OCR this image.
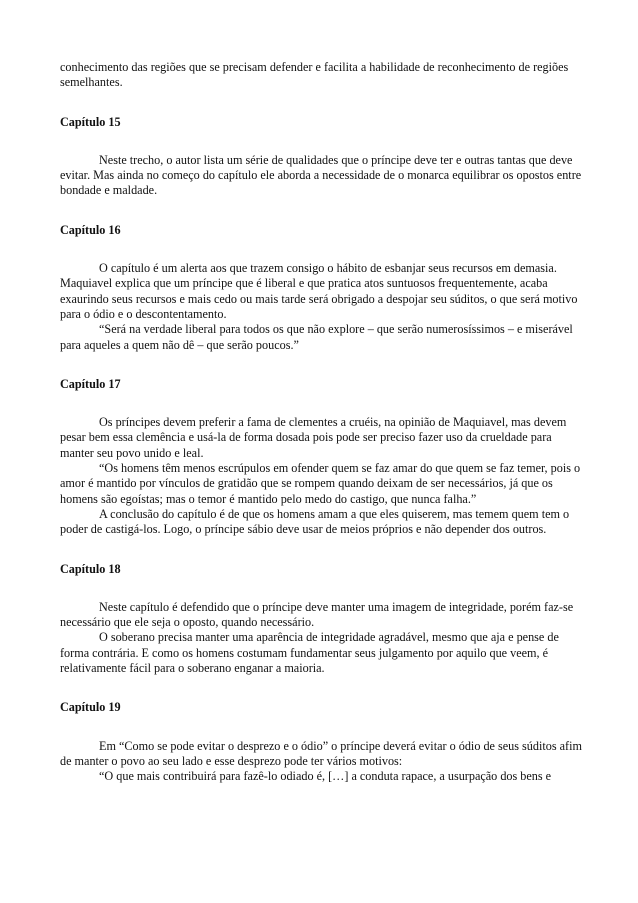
conhecimento das regiões que se precisam defender e facilita a habilidade de reconhecimento de regiões semelhantes.

Capítulo 15

Neste trecho, o autor lista um série de qualidades que o príncipe deve ter e outras tantas que deve evitar. Mas ainda no começo do capítulo ele aborda a necessidade de o monarca equilibrar os opostos entre bondade e maldade.

Capítulo 16

O capítulo é um alerta aos que trazem consigo o hábito de esbanjar seus recursos em demasia. Maquiavel explica que um príncipe que é liberal e que pratica atos suntuosos frequentemente, acaba exaurindo seus recursos e mais cedo ou mais tarde será obrigado a despojar seu súditos, o que será motivo para o ódio e o descontentamento.

“Será na verdade liberal para todos os que não explore – que serão numerosíssimos – e miserável para aqueles a quem não dê – que serão poucos.”

Capítulo 17

Os príncipes devem preferir a fama de clementes a cruéis, na opinião de Maquiavel, mas devem pesar bem essa clemência e usá-la de forma dosada pois pode ser preciso fazer uso da crueldade para manter seu povo unido e leal.

“Os homens têm menos escrúpulos em ofender quem se faz amar do que quem se faz temer, pois o amor é mantido por vínculos de gratidão que se rompem quando deixam de ser necessários, já que os homens são egoístas; mas o temor é mantido pelo medo do castigo, que nunca falha.”

A conclusão do capítulo é de que os homens amam a que eles quiserem, mas temem quem tem o poder de castigá-los. Logo, o príncipe sábio deve usar de meios próprios e não depender dos outros.

Capítulo 18

Neste capítulo é defendido que o príncipe deve manter uma imagem de integridade, porém faz-se necessário que ele seja o oposto, quando necessário.

O soberano precisa manter uma aparência de integridade agradável, mesmo que aja e pense de forma contrária. E como os homens costumam fundamentar seus julgamento por aquilo que veem, é relativamente fácil para o soberano enganar a maioria.

Capítulo 19

Em “Como se pode evitar o desprezo e o ódio” o príncipe deverá evitar o ódio de seus súditos afim de manter o povo ao seu lado e esse desprezo pode ter vários motivos:

“O que mais contribuirá para fazê-lo odiado é, […] a conduta rapace, a usurpação dos bens e
